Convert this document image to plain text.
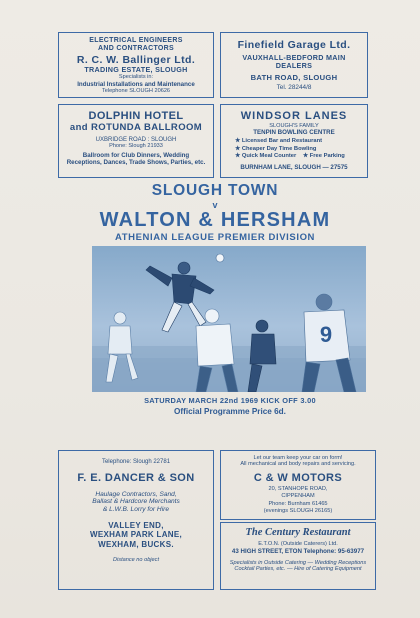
ELECTRICAL ENGINEERS
AND CONTRACTORS
R. C. W. Ballinger Ltd.
TRADING ESTATE, SLOUGH
Specialists in:
Industrial Installations and Maintenance
Telephone SLOUGH 20626
Finefield Garage Ltd.
VAUXHALL-BEDFORD MAIN
DEALERS
BATH ROAD, SLOUGH
Tel. 28244/8
DOLPHIN HOTEL
and ROTUNDA BALLROOM
UXBRIDGE ROAD : SLOUGH
Phone: Slough 21933
Ballroom for Club Dinners, Wedding
Receptions, Dances, Trade Shows, Parties, etc.
WINDSOR LANES
SLOUGH'S FAMILY
TENPIN BOWLING CENTRE
★ Licensed Bar and Restaurant
★ Cheaper Day Time Bowling
★ Quick Meal Counter ★ Free Parking
BURNHAM LANE, SLOUGH — 27575
SLOUGH TOWN
v
WALTON & HERSHAM
ATHENIAN LEAGUE PREMIER DIVISION
9
SATURDAY MARCH 22nd 1969 KICK OFF 3.00
Official Programme Price 6d.
Telephone: Slough 22781
F. E. DANCER & SON
Haulage Contractors, Sand,
Ballast & Hardcore Merchants
& L.W.B. Lorry for Hire
VALLEY END,
WEXHAM PARK LANE,
WEXHAM, BUCKS.
Distance no object
Let our team keep your car on form!
All mechanical and body repairs and servicing.
C & W MOTORS
20, STANHOPE ROAD,
CIPPENHAM
Phone: Burnham 61465
(evenings SLOUGH 26165)
The Century Restaurant
E.T.O.N. (Outside Caterers) Ltd.
43 HIGH STREET, ETON Telephone: 95-63977
Specialists in Outside Catering — Wedding Receptions
Cocktail Parties, etc. — Hire of Catering Equipment
